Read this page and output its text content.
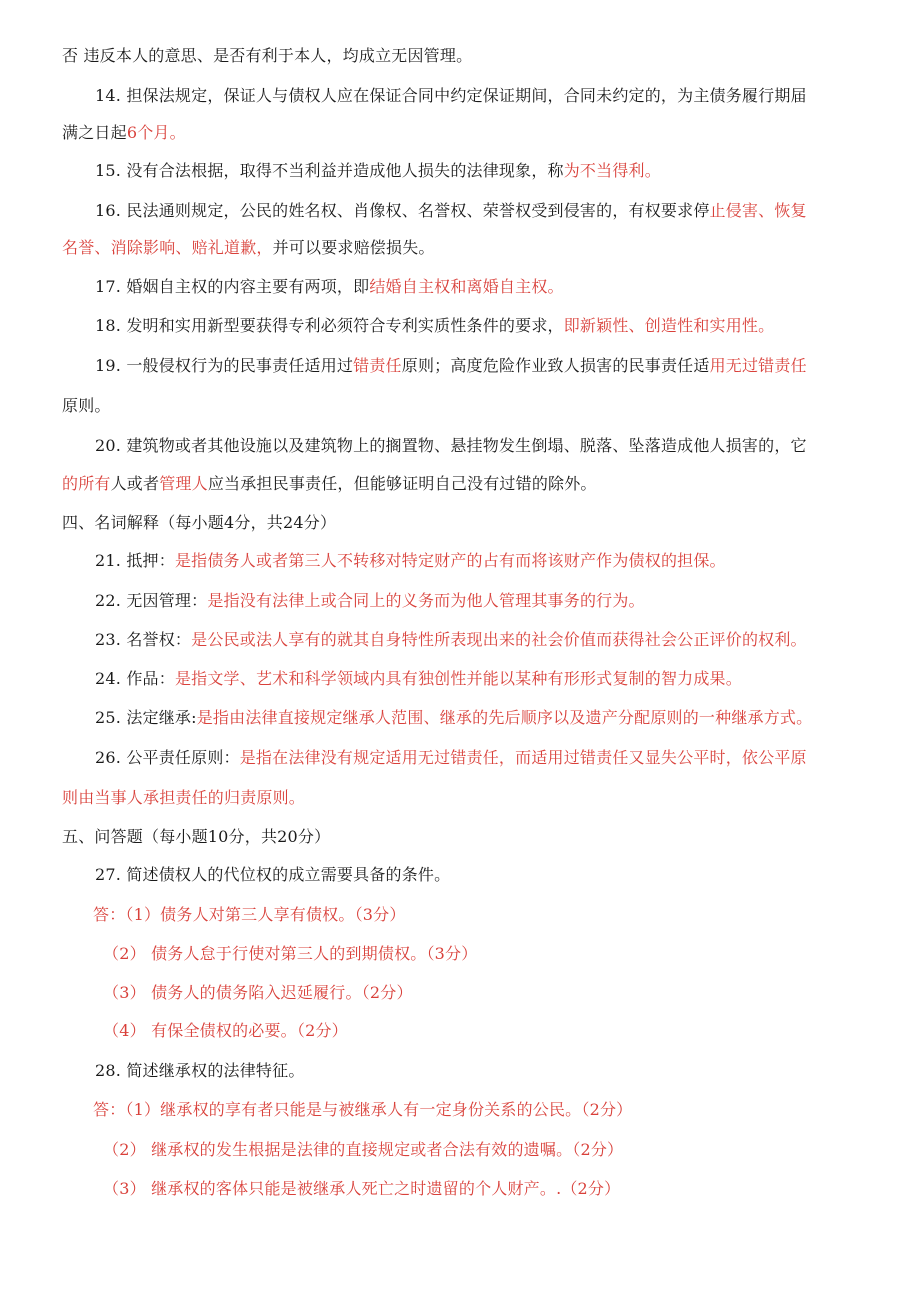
否 违反本人的意思、是否有利于本人，均成立无因管理。
14. 担保法规定，保证人与债权人应在保证合同中约定保证期间，合同未约定的，为主债务履行期届
满之日起6个月。
15. 没有合法根据，取得不当利益并造成他人损失的法律现象，称为不当得利。
16. 民法通则规定，公民的姓名权、肖像权、名誉权、荣誉权受到侵害的，有权要求停止侵害、恢复
名誉、消除影响、赔礼道歉，并可以要求赔偿损失。
17. 婚姻自主权的内容主要有两项，即结婚自主权和离婚自主权。
18. 发明和实用新型要获得专利必须符合专利实质性条件的要求，即新颖性、创造性和实用性。
19. 一般侵权行为的民事责任适用过错责任原则；高度危险作业致人损害的民事责任适用无过错责任
原则。
20. 建筑物或者其他设施以及建筑物上的搁置物、悬挂物发生倒塌、脱落、坠落造成他人损害的，它
的所有人或者管理人应当承担民事责任，但能够证明自己没有过错的除外。
四、名词解释（每小题4分，共24分）
21. 抵押：是指债务人或者第三人不转移对特定财产的占有而将该财产作为债权的担保。
22. 无因管理：是指没有法律上或合同上的义务而为他人管理其事务的行为。
23. 名誉权：是公民或法人享有的就其自身特性所表现出来的社会价值而获得社会公正评价的权利。
24. 作品：是指文学、艺术和科学领域内具有独创性并能以某种有形形式复制的智力成果。
25. 法定继承:是指由法律直接规定继承人范围、继承的先后顺序以及遗产分配原则的一种继承方式。
26. 公平责任原则：是指在法律没有规定适用无过错责任，而适用过错责任又显失公平时，依公平原
则由当事人承担责任的归责原则。
五、问答题（每小题10分，共20分）
27. 简述债权人的代位权的成立需要具备的条件。
答：（1）债务人对第三人享有债权。（3分）
（2） 债务人怠于行使对第三人的到期债权。（3分）
（3） 债务人的债务陷入迟延履行。（2分）
（4） 有保全债权的必要。（2分）
28. 简述继承权的法律特征。
答：（1）继承权的享有者只能是与被继承人有一定身份关系的公民。（2分）
（2） 继承权的发生根据是法律的直接规定或者合法有效的遗嘱。（2分）
（3） 继承权的客体只能是被继承人死亡之时遗留的个人财产。.（2分）
